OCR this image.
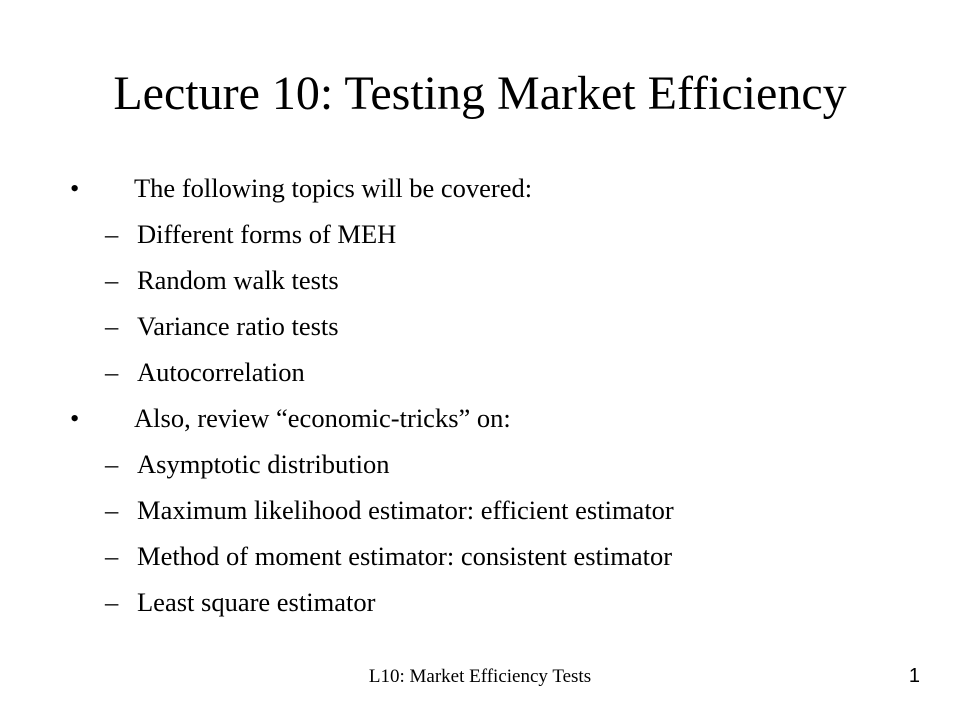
Lecture 10: Testing Market Efficiency
• The following topics will be covered:
– Different forms of MEH
– Random walk tests
– Variance ratio tests
– Autocorrelation
• Also, review “economic-tricks” on:
– Asymptotic distribution
– Maximum likelihood estimator: efficient estimator
– Method of moment estimator: consistent estimator
– Least square estimator
L10: Market Efficiency Tests	1
